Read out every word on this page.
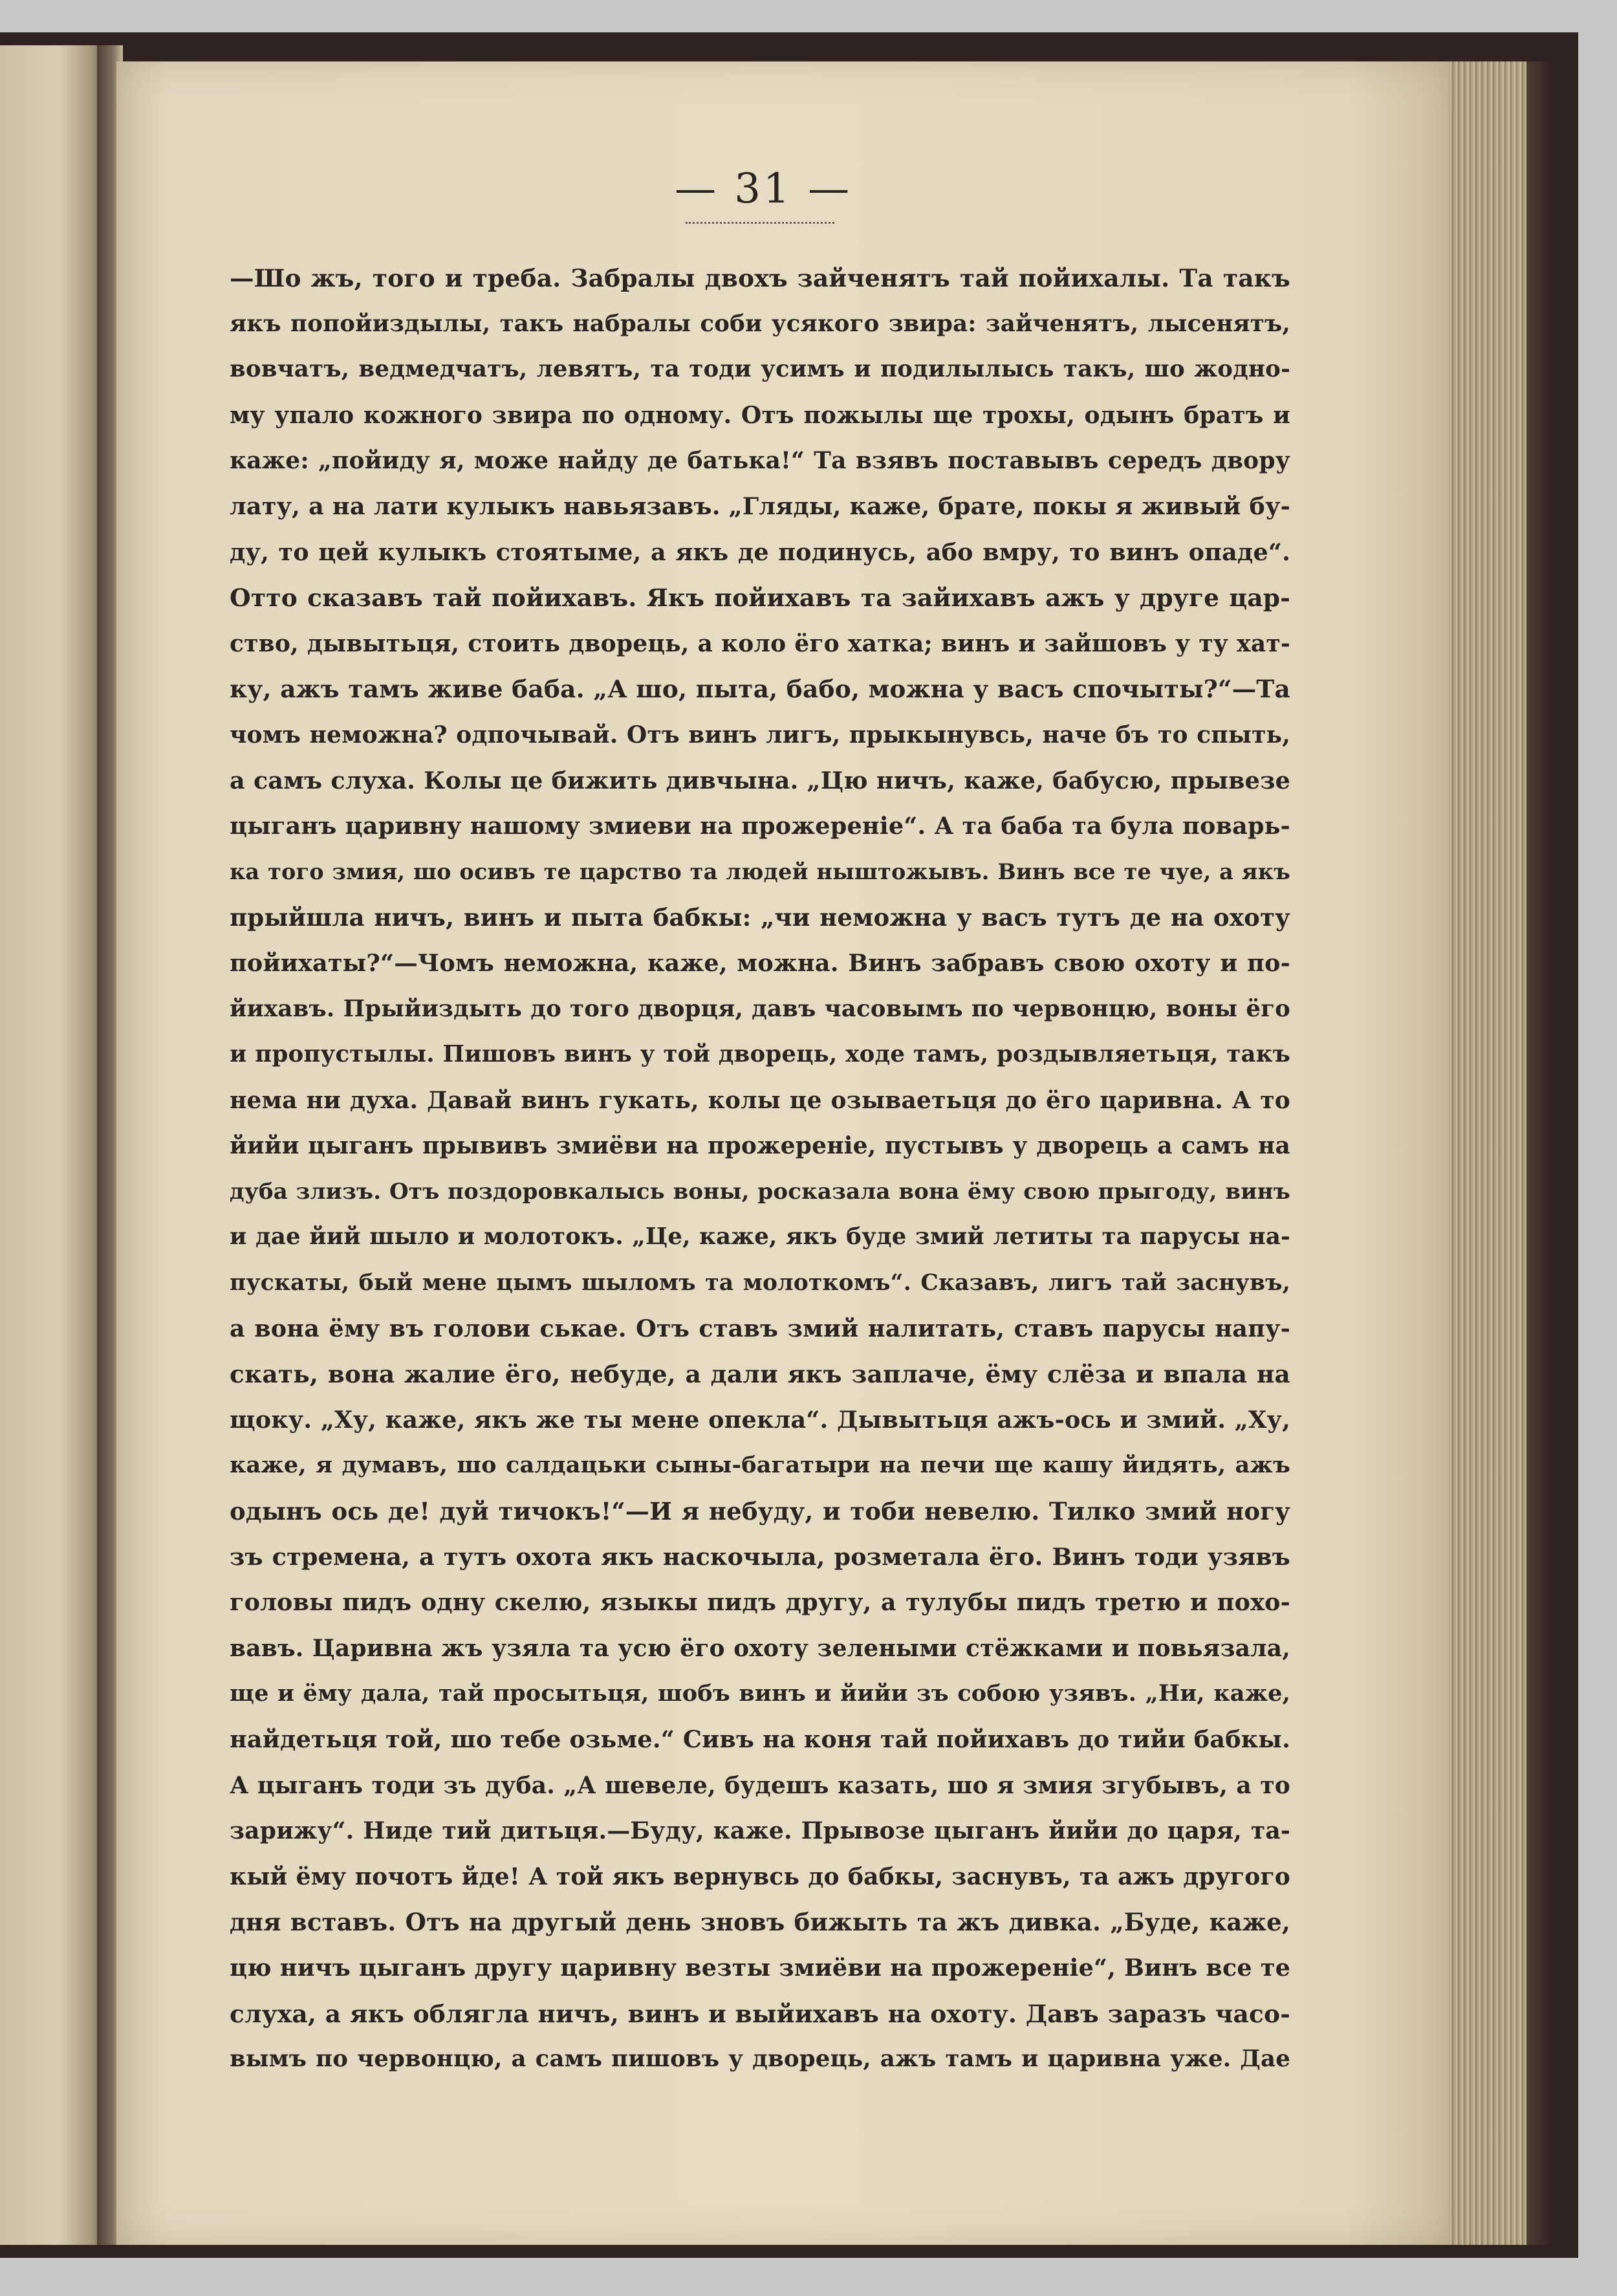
— 31 —
—Шо жъ, того и треба. Забралы двохъ зайченятъ тай пойихалы. Та такъ
якъ попойиздылы, такъ набралы соби усякого звира: зайченятъ, лысенятъ,
вовчатъ, ведмедчатъ, левятъ, та тоди усимъ и подилылысь такъ, шо жодно-
му упало кожного звира по одному. Отъ пожылы ще трохы, одынъ братъ и
каже: „пойиду я, може найду де батька!“ Та взявъ поставывъ середъ двору
лату, а на лати кулыкъ навьязавъ. „Гляды, каже, брате, покы я живый бу-
ду, то цей кулыкъ стоятыме, а якъ де подинусь, або вмру, то винъ опаде“.
Отто сказавъ тай пойихавъ. Якъ пойихавъ та зайихавъ ажъ у друге цар-
ство, дывытьця, стоить дворець, а коло ёго хатка; винъ и зайшовъ у ту хат-
ку, ажъ тамъ живе баба. „А шо, пыта, бабо, можна у васъ спочыты?“—Та
чомъ неможна? одпочывай. Отъ винъ лигъ, прыкынувсь, наче бъ то спыть,
а самъ слуха. Колы це бижить дивчына. „Цю ничъ, каже, бабусю, прывезе
цыганъ царивну нашому змиеви на прожереніе“. А та баба та була поварь-
ка того змия, шо осивъ те царство та людей ныштожывъ. Винъ все те чуе, а якъ
прыйшла ничъ, винъ и пыта бабкы: „чи неможна у васъ тутъ де на охоту
пойихаты?“—Чомъ неможна, каже, можна. Винъ забравъ свою охоту и по-
йихавъ. Прыйиздыть до того дворця, давъ часовымъ по червонцю, воны ёго
и пропустылы. Пишовъ винъ у той дворець, ходе тамъ, роздывляетьця, такъ
нема ни духа. Давай винъ гукать, колы це озываетьця до ёго царивна. А то
йийи цыганъ прывивъ змиёви на прожереніе, пустывъ у дворець а самъ на
дуба злизъ. Отъ поздоровкалысь воны, росказала вона ёму свою прыгоду, винъ
и дае йий шыло и молотокъ. „Це, каже, якъ буде змий летиты та парусы на-
пускаты, бый мене цымъ шыломъ та молоткомъ“. Сказавъ, лигъ тай заснувъ,
а вона ёму въ голови ськае. Отъ ставъ змий налитать, ставъ парусы напу-
скать, вона жалие ёго, небуде, а дали якъ заплаче, ёму слёза и впала на
щоку. „Ху, каже, якъ же ты мене опекла“. Дывытьця ажъ-ось и змий. „Ху,
каже, я думавъ, шо салдацьки сыны-багатыри на печи ще кашу йидять, ажъ
одынъ ось де! дуй тичокъ!“—И я небуду, и тоби невелю. Тилко змий ногу
зъ стремена, а тутъ охота якъ наскочыла, розметала ёго. Винъ тоди узявъ
головы пидъ одну скелю, языкы пидъ другу, а тулубы пидъ третю и похо-
вавъ. Царивна жъ узяла та усю ёго охоту зелеными стёжками и повьязала,
ще и ёму дала, тай просытьця, шобъ винъ и йийи зъ собою узявъ. „Ни, каже,
найдетьця той, шо тебе озьме.“ Сивъ на коня тай пойихавъ до тийи бабкы.
А цыганъ тоди зъ дуба. „А шевеле, будешъ казать, шо я змия згубывъ, а то
зарижу“. Ниде тий дитьця.—Буду, каже. Прывозе цыганъ йийи до царя, та-
кый ёму почотъ йде! А той якъ вернувсь до бабкы, заснувъ, та ажъ другого
дня вставъ. Отъ на другый день зновъ бижыть та жъ дивка. „Буде, каже,
цю ничъ цыганъ другу царивну везты змиёви на прожереніе“, Винъ все те
слуха, а якъ облягла ничъ, винъ и выйихавъ на охоту. Давъ заразъ часо-
вымъ по червонцю, а самъ пишовъ у дворець, ажъ тамъ и царивна уже. Дае
